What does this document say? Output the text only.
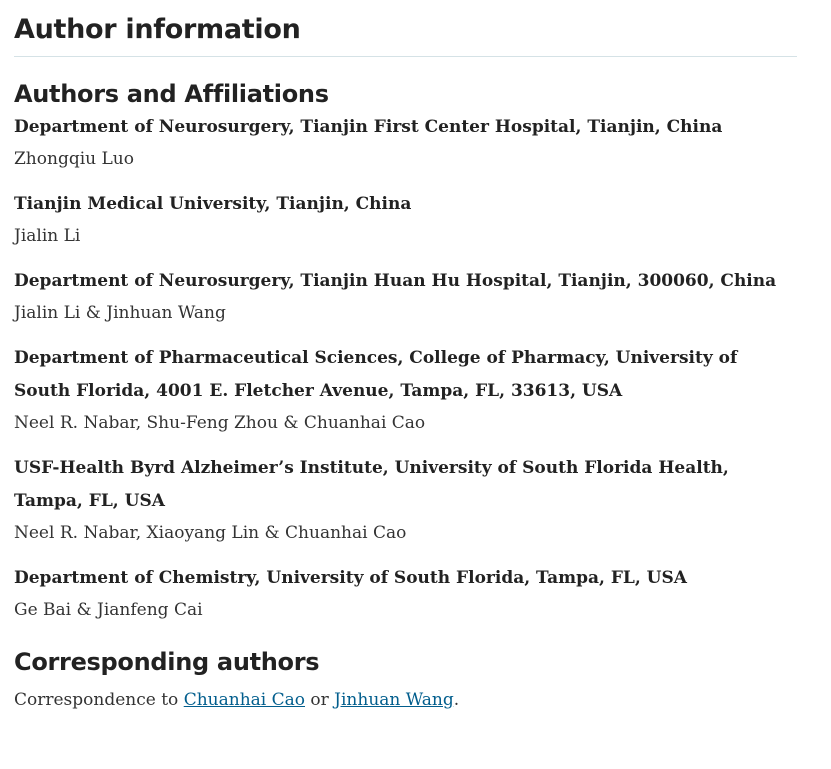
Author information
Authors and Affiliations

Department of Neurosurgery, Tianjin First Center Hospital, Tianjin, China

Zhongqiu Luo

Tianjin Medical University, Tianjin, China

Jialin Li

Department of Neurosurgery, Tianjin Huan Hu Hospital, Tianjin, 300060, China

Jialin Li & Jinhuan Wang

Department of Pharmaceutical Sciences, College of Pharmacy, University of South Florida, 4001 E. Fletcher Avenue, Tampa, FL, 33613, USA

Neel R. Nabar, Shu-Feng Zhou & Chuanhai Cao

USF-Health Byrd Alzheimer’s Institute, University of South Florida Health, Tampa, FL, USA

Neel R. Nabar, Xiaoyang Lin & Chuanhai Cao

Department of Chemistry, University of South Florida, Tampa, FL, USA

Ge Bai & Jianfeng Cai

Corresponding authors

Correspondence to Chuanhai Cao or Jinhuan Wang.
